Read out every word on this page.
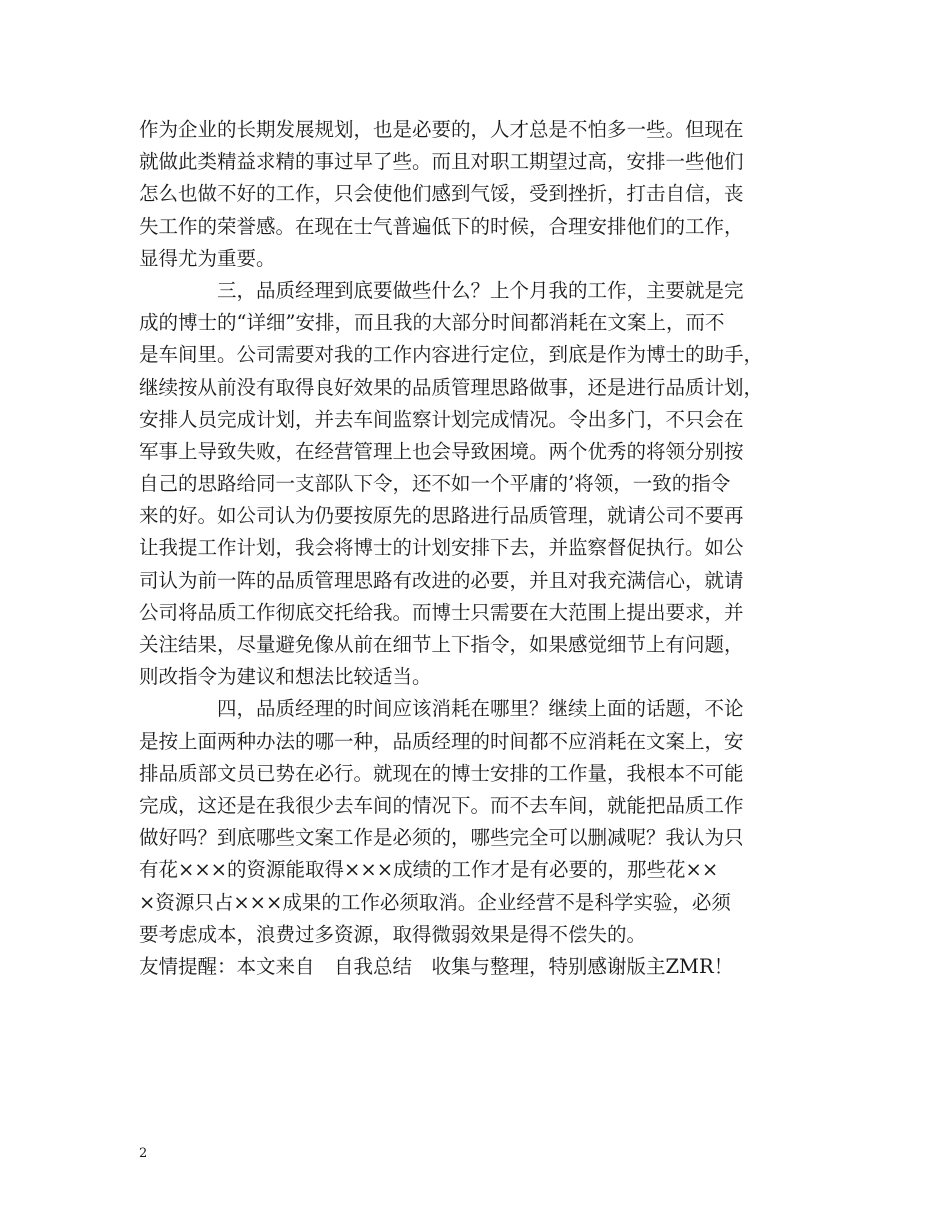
作为企业的长期发展规划，也是必要的，人才总是不怕多一些。但现在
就做此类精益求精的事过早了些。而且对职工期望过高，安排一些他们
怎么也做不好的工作，只会使他们感到气馁，受到挫折，打击自信，丧
失工作的荣誉感。在现在士气普遍低下的时候，合理安排他们的工作，
显得尤为重要。
三，品质经理到底要做些什么？上个月我的工作，主要就是完
成的博士的“详细”安排，而且我的大部分时间都消耗在文案上，而不
是车间里。公司需要对我的工作内容进行定位，到底是作为博士的助手，
继续按从前没有取得良好效果的品质管理思路做事，还是进行品质计划，
安排人员完成计划，并去车间监察计划完成情况。令出多门，不只会在
军事上导致失败，在经营管理上也会导致困境。两个优秀的将领分别按
自己的思路给同一支部队下令，还不如一个平庸的’将领，一致的指令
来的好。如公司认为仍要按原先的思路进行品质管理，就请公司不要再
让我提工作计划，我会将博士的计划安排下去，并监察督促执行。如公
司认为前一阵的品质管理思路有改进的必要，并且对我充满信心，就请
公司将品质工作彻底交托给我。而博士只需要在大范围上提出要求，并
关注结果，尽量避免像从前在细节上下指令，如果感觉细节上有问题，
则改指令为建议和想法比较适当。
四，品质经理的时间应该消耗在哪里？继续上面的话题，不论
是按上面两种办法的哪一种，品质经理的时间都不应消耗在文案上，安
排品质部文员已势在必行。就现在的博士安排的工作量，我根本不可能
完成，这还是在我很少去车间的情况下。而不去车间，就能把品质工作
做好吗？到底哪些文案工作是必须的，哪些完全可以删减呢？我认为只
有花×××的资源能取得×××成绩的工作才是有必要的，那些花××
×资源只占×××成果的工作必须取消。企业经营不是科学实验，必须
要考虑成本，浪费过多资源，取得微弱效果是得不偿失的。
友情提醒：本文来自　自我总结　收集与整理，特别感谢版主ZMR！
2
